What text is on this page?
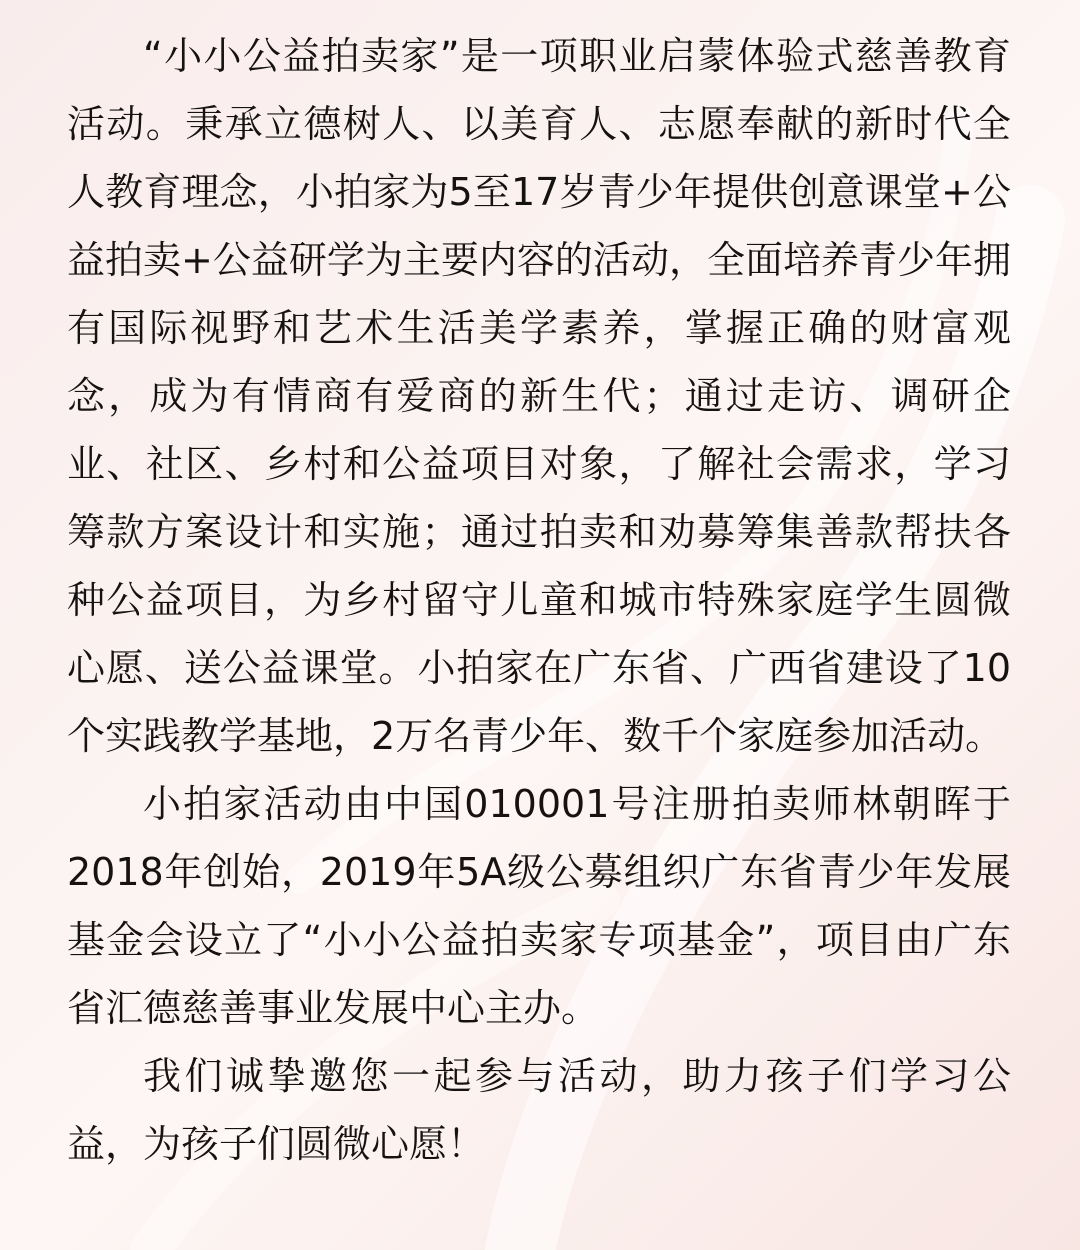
“小小公益拍卖家”是一项职业启蒙体验式慈善教育活动。秉承立德树人、以美育人、志愿奉献的新时代全人教育理念，小拍家为5至17岁青少年提供创意课堂+公益拍卖+公益研学为主要内容的活动，全面培养青少年拥有国际视野和艺术生活美学素养，掌握正确的财富观念，成为有情商有爱商的新生代；通过走访、调研企业、社区、乡村和公益项目对象，了解社会需求，学习筹款方案设计和实施；通过拍卖和劝募筹集善款帮扶各种公益项目，为乡村留守儿童和城市特殊家庭学生圆微心愿、送公益课堂。小拍家在广东省、广西省建设了10个实践教学基地，2万名青少年、数千个家庭参加活动。

小拍家活动由中国010001号注册拍卖师林朝晖于2018年创始，2019年5A级公募组织广东省青少年发展基金会设立了“小小公益拍卖家专项基金”，项目由广东省汇德慈善事业发展中心主办。

我们诚挚邀您一起参与活动，助力孩子们学习公益，为孩子们圆微心愿！
